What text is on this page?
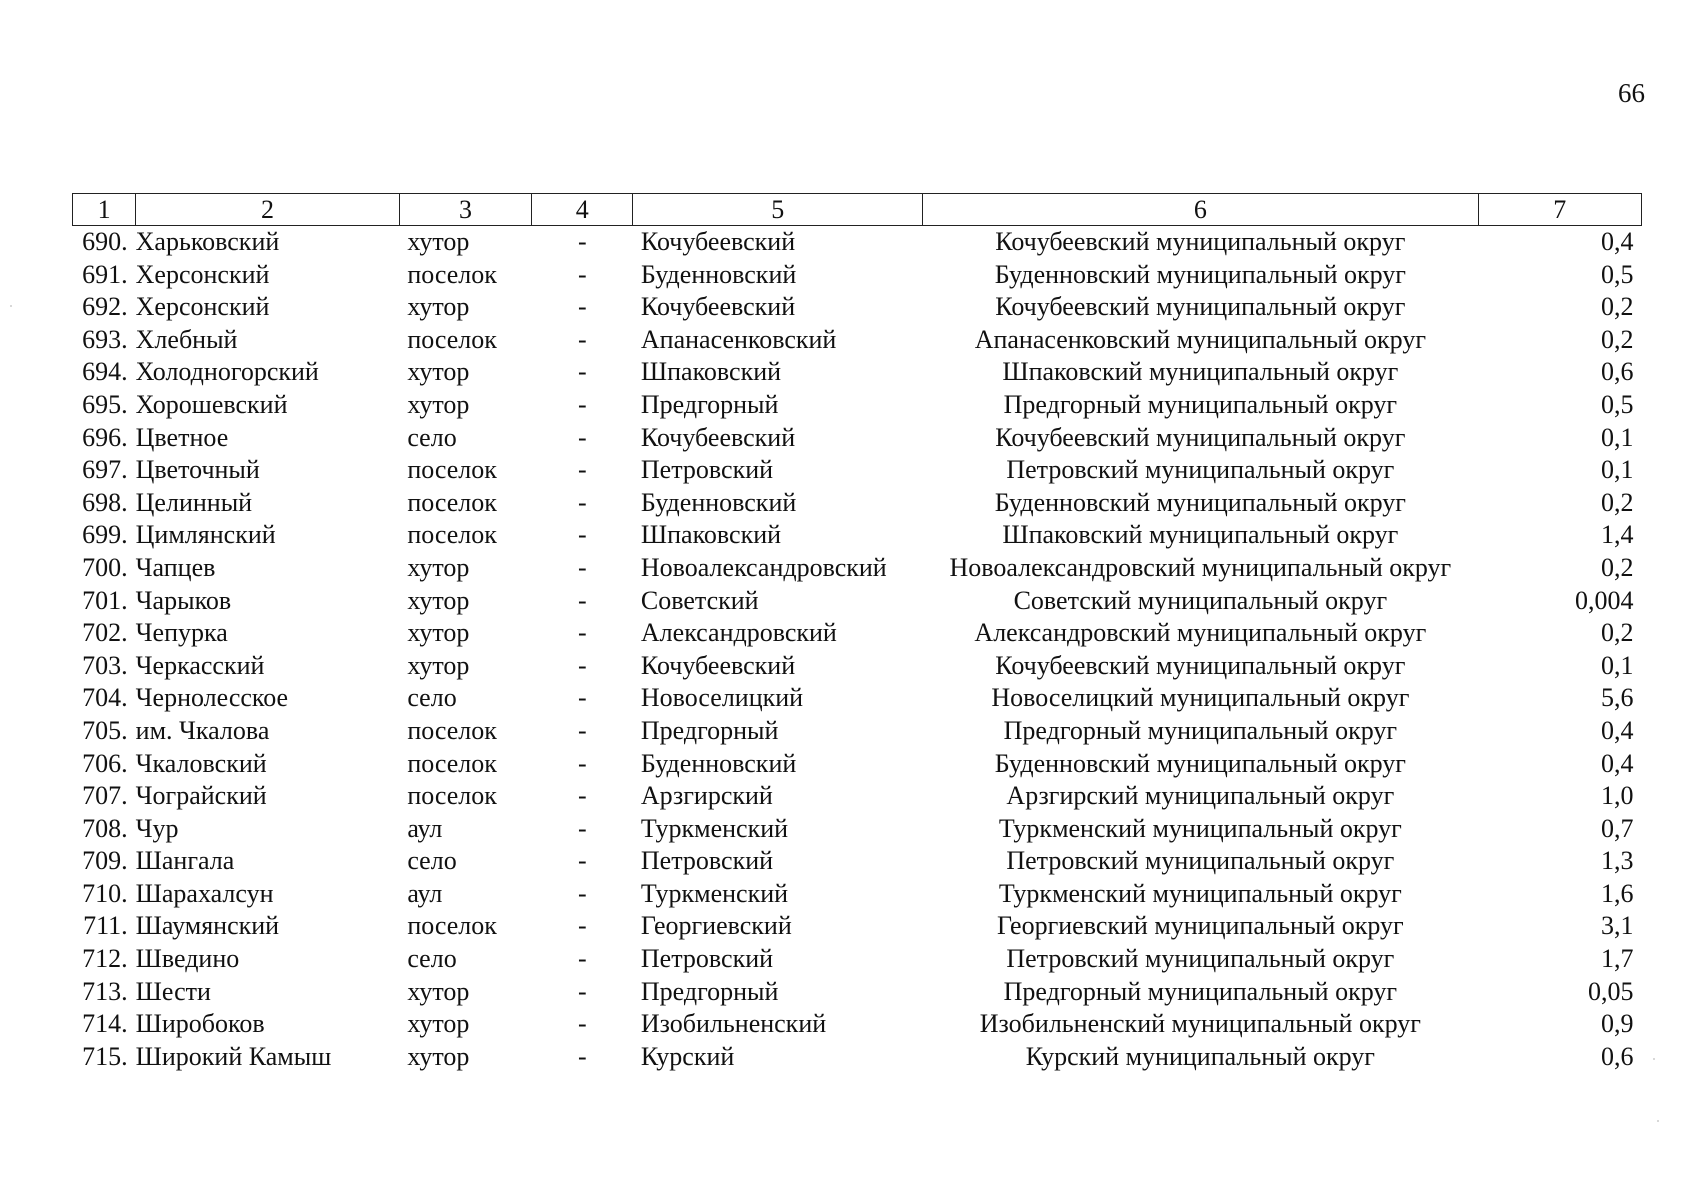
66
1	2	3	4	5	6	7
690.	Харьковский	хутор	-	Кочубеевский	Кочубеевский муниципальный округ	0,4
691.	Херсонский	поселок	-	Буденновский	Буденновский муниципальный округ	0,5
692.	Херсонский	хутор	-	Кочубеевский	Кочубеевский муниципальный округ	0,2
693.	Хлебный	поселок	-	Апанасенковский	Апанасенковский муниципальный округ	0,2
694.	Холодногорский	хутор	-	Шпаковский	Шпаковский муниципальный округ	0,6
695.	Хорошевский	хутор	-	Предгорный	Предгорный муниципальный округ	0,5
696.	Цветное	село	-	Кочубеевский	Кочубеевский муниципальный округ	0,1
697.	Цветочный	поселок	-	Петровский	Петровский муниципальный округ	0,1
698.	Целинный	поселок	-	Буденновский	Буденновский муниципальный округ	0,2
699.	Цимлянский	поселок	-	Шпаковский	Шпаковский муниципальный округ	1,4
700.	Чапцев	хутор	-	Новоалександровский	Новоалександровский муниципальный округ	0,2
701.	Чарыков	хутор	-	Советский	Советский муниципальный округ	0,004
702.	Чепурка	хутор	-	Александровский	Александровский муниципальный округ	0,2
703.	Черкасский	хутор	-	Кочубеевский	Кочубеевский муниципальный округ	0,1
704.	Чернолесское	село	-	Новоселицкий	Новоселицкий муниципальный округ	5,6
705.	им. Чкалова	поселок	-	Предгорный	Предгорный муниципальный округ	0,4
706.	Чкаловский	поселок	-	Буденновский	Буденновский муниципальный округ	0,4
707.	Чограйский	поселок	-	Арзгирский	Арзгирский муниципальный округ	1,0
708.	Чур	аул	-	Туркменский	Туркменский муниципальный округ	0,7
709.	Шангала	село	-	Петровский	Петровский муниципальный округ	1,3
710.	Шарахалсун	аул	-	Туркменский	Туркменский муниципальный округ	1,6
711.	Шаумянский	поселок	-	Георгиевский	Георгиевский муниципальный округ	3,1
712.	Шведино	село	-	Петровский	Петровский муниципальный округ	1,7
713.	Шести	хутор	-	Предгорный	Предгорный муниципальный округ	0,05
714.	Широбоков	хутор	-	Изобильненский	Изобильненский муниципальный округ	0,9
715.	Широкий Камыш	хутор	-	Курский	Курский муниципальный округ	0,6
